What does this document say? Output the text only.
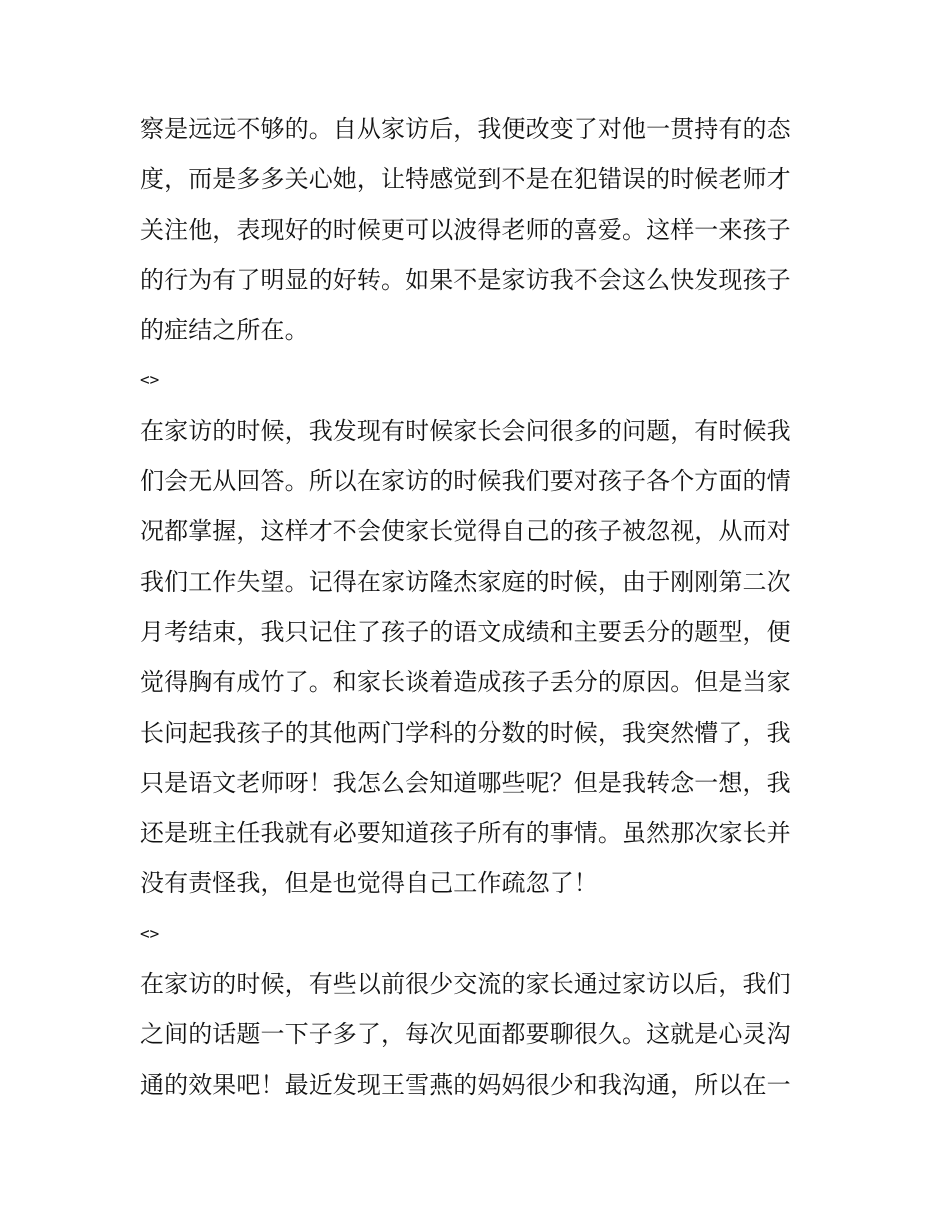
察是远远不够的。自从家访后，我便改变了对他一贯持有的态
度，而是多多关心她，让特感觉到不是在犯错误的时候老师才
关注他，表现好的时候更可以波得老师的喜爱。这样一来孩子
的行为有了明显的好转。如果不是家访我不会这么快发现孩子
的症结之所在。
<>
在家访的时候，我发现有时候家长会问很多的问题，有时候我
们会无从回答。所以在家访的时候我们要对孩子各个方面的情
况都掌握，这样才不会使家长觉得自己的孩子被忽视，从而对
我们工作失望。记得在家访隆杰家庭的时候，由于刚刚第二次
月考结束，我只记住了孩子的语文成绩和主要丢分的题型，便
觉得胸有成竹了。和家长谈着造成孩子丢分的原因。但是当家
长问起我孩子的其他两门学科的分数的时候，我突然懵了，我
只是语文老师呀！我怎么会知道哪些呢？但是我转念一想，我
还是班主任我就有必要知道孩子所有的事情。虽然那次家长并
没有责怪我，但是也觉得自己工作疏忽了！
<>
在家访的时候，有些以前很少交流的家长通过家访以后，我们
之间的话题一下子多了，每次见面都要聊很久。这就是心灵沟
通的效果吧！最近发现王雪燕的妈妈很少和我沟通，所以在一
